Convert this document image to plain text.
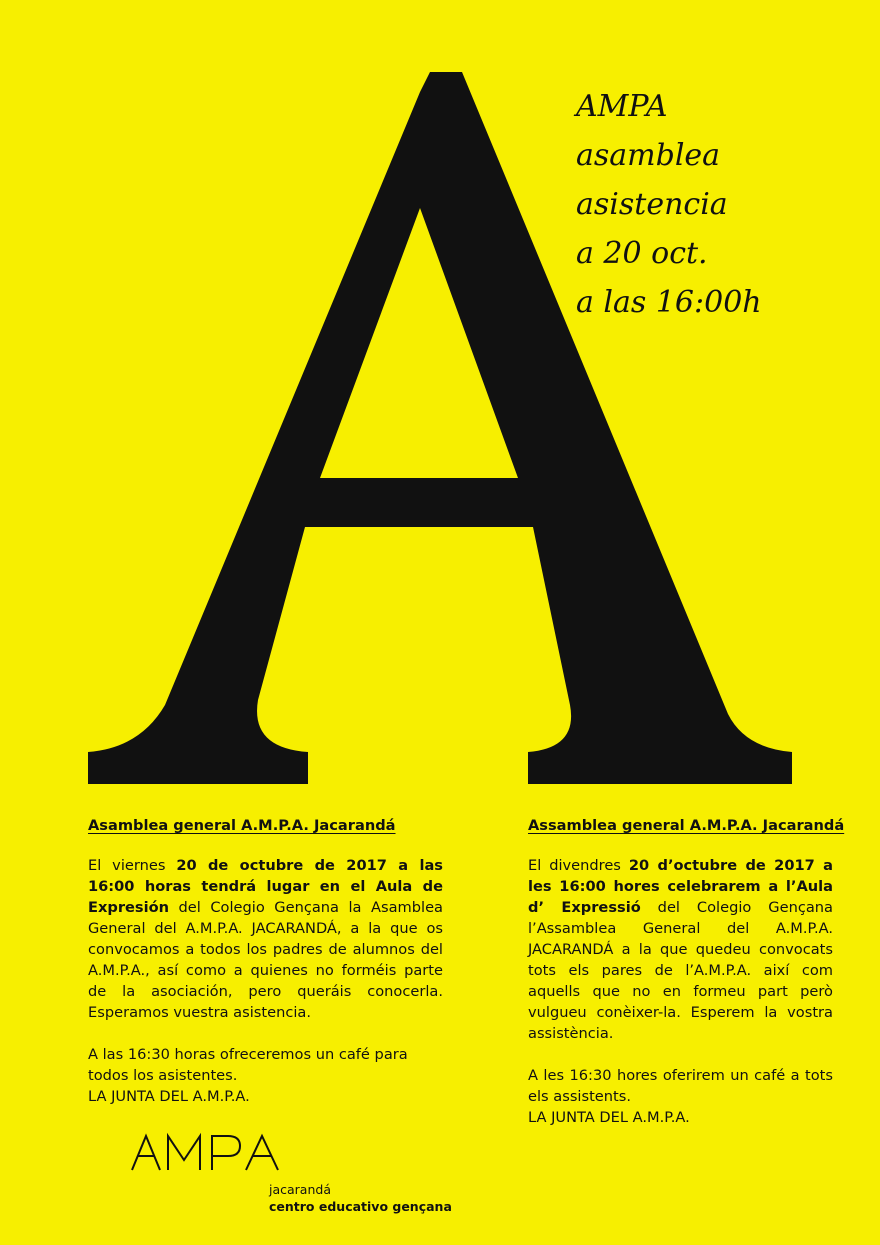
AMPA
asamblea
asistencia
a 20 oct.
a las 16:00h
Asamblea general A.M.P.A. Jacarandá

El viernes 20 de octubre de 2017 a las 16:00 horas tendrá lugar en el Aula de Expresión del Colegio Gençana la Asamblea General del A.M.P.A. JACARANDÁ, a la que os convocamos a todos los padres de alumnos del A.M.P.A., así como a quienes no forméis parte de la asociación, pero queráis conocerla. Esperamos vuestra asistencia.

A las 16:30 horas ofreceremos un café para todos los asistentes.

LA JUNTA DEL A.M.P.A.

Assamblea general A.M.P.A. Jacarandá

El divendres 20 d’octubre de 2017 a les 16:00 hores celebrarem a l’Aula d’ Expressió del Colegio Gençana l’Assamblea General del A.M.P.A. JACARANDÁ a la que quedeu convocats tots els pares de l’A.M.P.A. així com aquells que no en formeu part però vulgueu conèixer-la. Esperem la vostra assistència.

A les 16:30 hores oferirem un café a tots els assistents.

LA JUNTA DEL A.M.P.A.

jacarandá
centro educativo gençana
